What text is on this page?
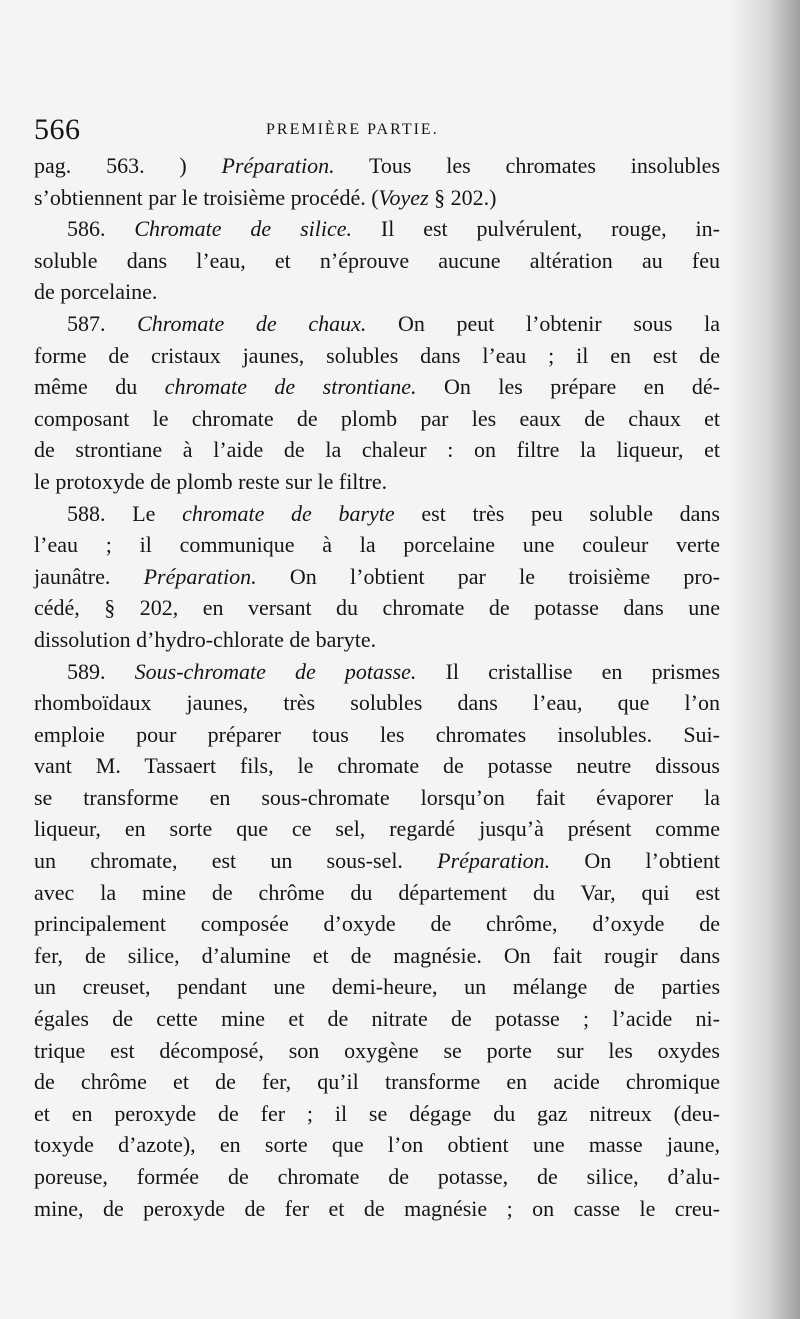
566	PREMIÈRE PARTIE.
pag. 563. ) Préparation. Tous les chromates insolubles
s’obtiennent par le troisième procédé. (Voyez § 202.)
586. Chromate de silice. Il est pulvérulent, rouge, in-
soluble dans l’eau, et n’éprouve aucune altération au feu
de porcelaine.
587. Chromate de chaux. On peut l’obtenir sous la
forme de cristaux jaunes, solubles dans l’eau ; il en est de
même du chromate de strontiane. On les prépare en dé-
composant le chromate de plomb par les eaux de chaux et
de strontiane à l’aide de la chaleur : on filtre la liqueur, et
le protoxyde de plomb reste sur le filtre.
588. Le chromate de baryte est très peu soluble dans
l’eau ; il communique à la porcelaine une couleur verte
jaunâtre. Préparation. On l’obtient par le troisième pro-
cédé, § 202, en versant du chromate de potasse dans une
dissolution d’hydro-chlorate de baryte.
589. Sous-chromate de potasse. Il cristallise en prismes
rhomboïdaux jaunes, très solubles dans l’eau, que l’on
emploie pour préparer tous les chromates insolubles. Sui-
vant M. Tassaert fils, le chromate de potasse neutre dissous
se transforme en sous-chromate lorsqu’on fait évaporer la
liqueur, en sorte que ce sel, regardé jusqu’à présent comme
un chromate, est un sous-sel. Préparation. On l’obtient
avec la mine de chrôme du département du Var, qui est
principalement composée d’oxyde de chrôme, d’oxyde de
fer, de silice, d’alumine et de magnésie. On fait rougir dans
un creuset, pendant une demi-heure, un mélange de parties
égales de cette mine et de nitrate de potasse ; l’acide ni-
trique est décomposé, son oxygène se porte sur les oxydes
de chrôme et de fer, qu’il transforme en acide chromique
et en peroxyde de fer ; il se dégage du gaz nitreux (deu-
toxyde d’azote), en sorte que l’on obtient une masse jaune,
poreuse, formée de chromate de potasse, de silice, d’alu-
mine, de peroxyde de fer et de magnésie ; on casse le creu-
